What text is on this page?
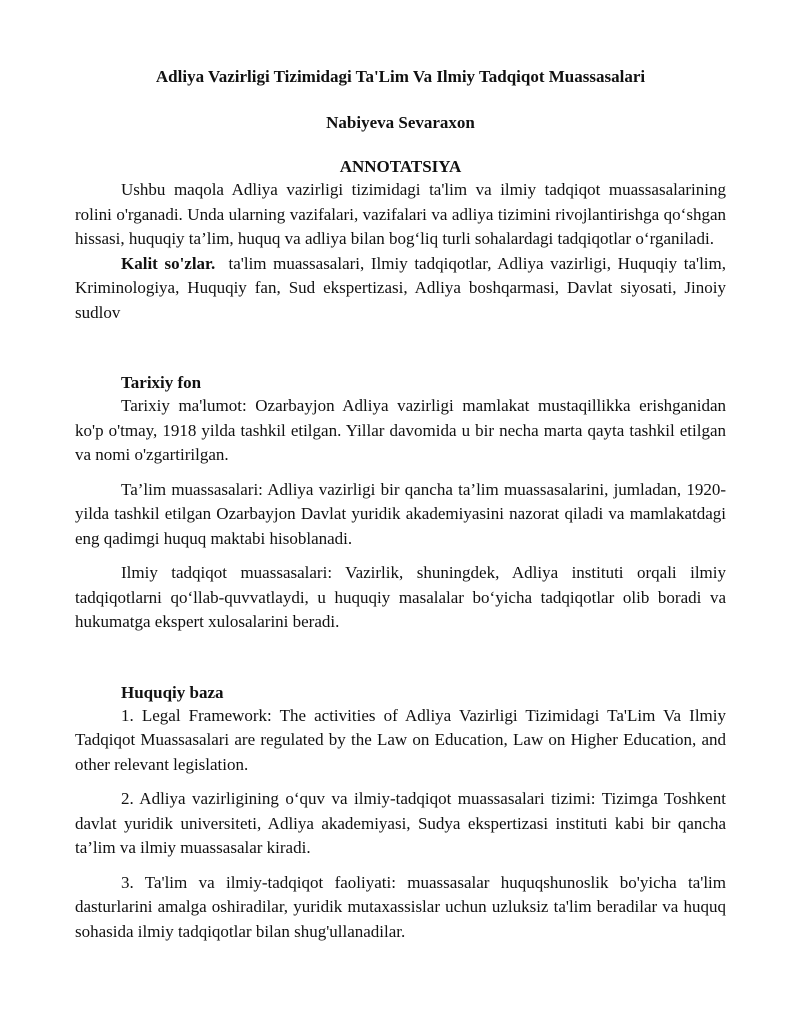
Adliya Vazirligi Tizimidagi Ta'Lim Va Ilmiy Tadqiqot Muassasalari
Nabiyeva Sevaraxon
ANNOTATSIYA

Ushbu maqola Adliya vazirligi tizimidagi ta'lim va ilmiy tadqiqot muassasalarining rolini o'rganadi. Unda ularning vazifalari, vazifalari va adliya tizimini rivojlantirishga qo‘shgan hissasi, huquqiy ta’lim, huquq va adliya bilan bog‘liq turli sohalardagi tadqiqotlar o‘rganiladi.

Kalit so'zlar. ta'lim muassasalari, Ilmiy tadqiqotlar, Adliya vazirligi, Huquqiy ta'lim, Kriminologiya, Huquqiy fan, Sud ekspertizasi, Adliya boshqarmasi, Davlat siyosati, Jinoiy sudlov

Tarixiy fon

Tarixiy ma'lumot: Ozarbayjon Adliya vazirligi mamlakat mustaqillikka erishganidan ko'p o'tmay, 1918 yilda tashkil etilgan. Yillar davomida u bir necha marta qayta tashkil etilgan va nomi o'zgartirilgan.

Ta’lim muassasalari: Adliya vazirligi bir qancha ta’lim muassasalarini, jumladan, 1920-yilda tashkil etilgan Ozarbayjon Davlat yuridik akademiyasini nazorat qiladi va mamlakatdagi eng qadimgi huquq maktabi hisoblanadi.

Ilmiy tadqiqot muassasalari: Vazirlik, shuningdek, Adliya instituti orqali ilmiy tadqiqotlarni qo‘llab-quvvatlaydi, u huquqiy masalalar bo‘yicha tadqiqotlar olib boradi va hukumatga ekspert xulosalarini beradi.

Huquqiy baza

1. Legal Framework: The activities of Adliya Vazirligi Tizimidagi Ta'Lim Va Ilmiy Tadqiqot Muassasalari are regulated by the Law on Education, Law on Higher Education, and other relevant legislation.

2. Adliya vazirligining o‘quv va ilmiy-tadqiqot muassasalari tizimi: Tizimga Toshkent davlat yuridik universiteti, Adliya akademiyasi, Sudya ekspertizasi instituti kabi bir qancha ta’lim va ilmiy muassasalar kiradi.

3. Ta'lim va ilmiy-tadqiqot faoliyati: muassasalar huquqshunoslik bo'yicha ta'lim dasturlarini amalga oshiradilar, yuridik mutaxassislar uchun uzluksiz ta'lim beradilar va huquq sohasida ilmiy tadqiqotlar bilan shug'ullanadilar.
